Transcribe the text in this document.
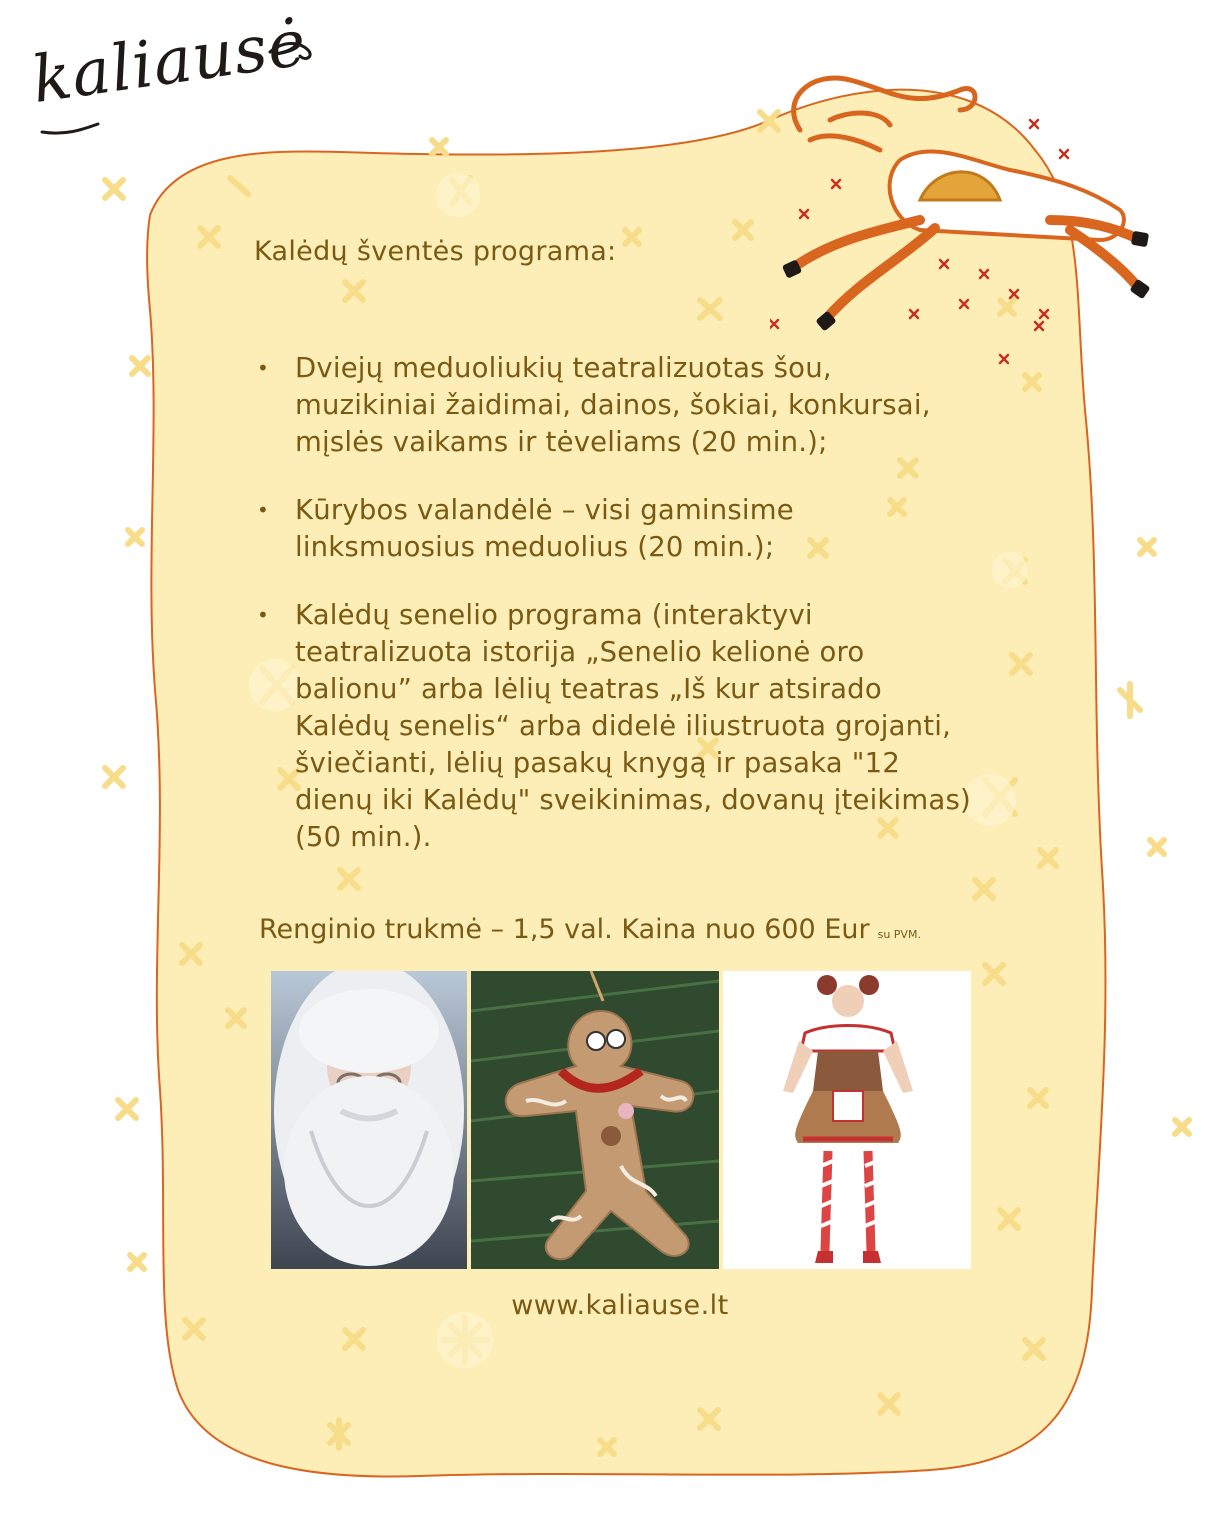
kaliausė
Kalėdų šventės programa:
• Dviejų meduoliukių teatralizuotas šou, muzikiniai žaidimai, dainos, šokiai, konkursai, mįslės vaikams ir tėveliams (20 min.);
• Kūrybos valandėlė – visi gaminsime linksmuosius meduolius (20 min.);
• Kalėdų senelio programa (interaktyvi teatralizuota istorija „Senelio kelionė oro balionu” arba lėlių teatras „Iš kur atsirado Kalėdų senelis“ arba didelė iliustruota grojanti, šviečianti, lėlių pasakų knygą ir pasaka "12 dienų iki Kalėdų" sveikinimas, dovanų įteikimas) (50 min.).
Renginio trukmė – 1,5 val. Kaina nuo 600 Eur su PVM.
www.kaliause.lt
